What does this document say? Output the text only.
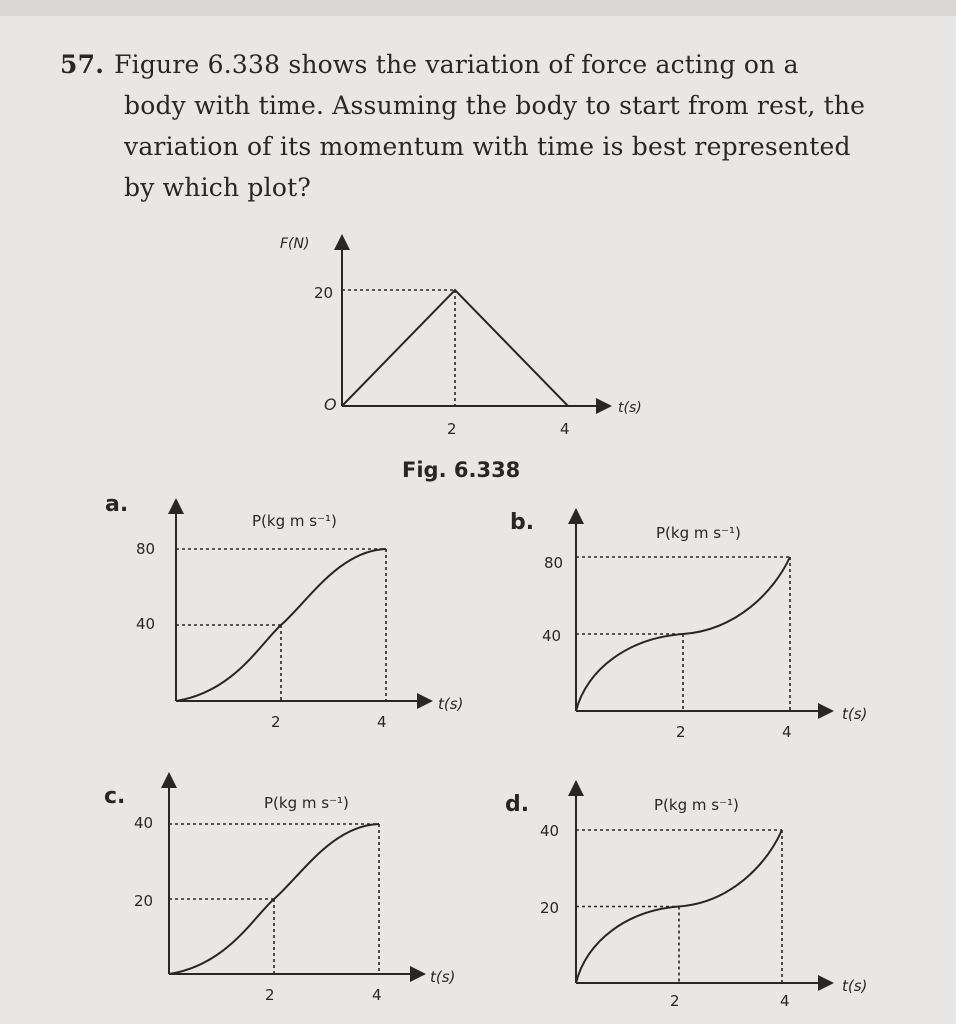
57. Figure 6.338 shows the variation of force acting on a
body with time. Assuming the body to start from rest, the
variation of its momentum with time is best represented
by which plot?
F(N)
t(s)
O
20
2	4
Fig. 6.338
a.
b.
c.	d.
P(kg m s⁻¹)
80
40
2	4
t(s)
P(kg m s⁻¹)
80
40
2	4
t(s)
P(kg m s⁻¹)
40
20
2	4
t(s)
P(kg m s⁻¹)
40
20
2	4
t(s)
